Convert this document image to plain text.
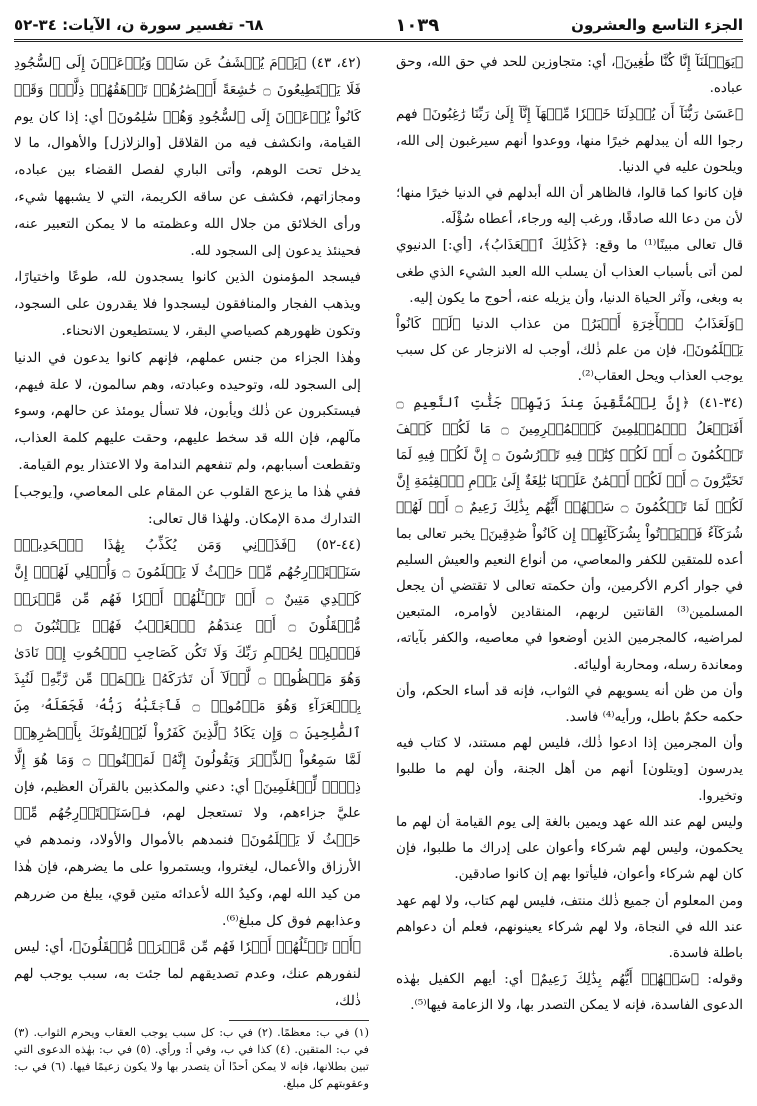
الجزء التاسع والعشرون
١٠٣٩
٦٨- تفسير سورة ن، الآيات: ٣٤-٥٢

﴿يَوَيۡلَنَآ إِنَّا كُنَّا طَٰغِينَ﴾، أي: متجاوزين للحد في حق الله، وحق عباده.

﴿عَسَىٰ رَبُّنَآ أَن يُبۡدِلَنَا خَيۡرٗا مِّنۡهَآ إِنَّآ إِلَىٰ رَبِّنَا رَٰغِبُونَ﴾ فهم رجوا الله أن يبدلهم خيرًا منها، ووعدوا أنهم سيرغبون إلى الله، ويلحون عليه في الدنيا.

فإن كانوا كما قالوا، فالظاهر أن الله أبدلهم في الدنيا خيرًا منها؛ لأن من دعا الله صادقًا، ورغب إليه ورجاء، أعطاه سُؤْلَه.

قال تعالى مبينًا⁽¹⁾ ما وقع: ﴿كَذَٰلِكَ ٱلۡعَذَابُ﴾، [أي:] الدنيوي لمن أتى بأسباب العذاب أن يسلب الله العبد الشيء الذي طغى به وبغى، وآثر الحياة الدنيا، وأن يزيله عنه، أحوج ما يكون إليه.

﴿وَلَعَذَابُ ٱلۡأٓخِرَةِ أَكۡبَرُ﴾ من عذاب الدنيا ﴿لَوۡ كَانُواْ يَعۡلَمُونَ﴾، فإن من علم ذٰلك، أوجب له الانزجار عن كل سبب يوجب العذاب ويحل العقاب⁽²⁾.

(٣٤-٤١) ﴿إِنَّ لِلۡمُتَّقِينَ عِندَ رَبِّهِمۡ جَنَّٰتِ ٱلنَّعِيمِ ۝ أَفَنَجۡعَلُ ٱلۡمُسۡلِمِينَ كَٱلۡمُجۡرِمِينَ ۝ مَا لَكُمۡ كَيۡفَ تَحۡكُمُونَ ۝ أَمۡ لَكُمۡ كِتَٰبٞ فِيهِ تَدۡرُسُونَ ۝ إِنَّ لَكُمۡ فِيهِ لَمَا تَخَيَّرُونَ ۝ أَمۡ لَكُمۡ أَيۡمَٰنٌ عَلَيۡنَا بَٰلِغَةٌ إِلَىٰ يَوۡمِ ٱلۡقِيَٰمَةِ إِنَّ لَكُمۡ لَمَا تَحۡكُمُونَ ۝ سَلۡهُمۡ أَيُّهُم بِذَٰلِكَ زَعِيمٌ ۝ أَمۡ لَهُمۡ شُرَكَآءُ فَلۡيَأۡتُواْ بِشُرَكَآئِهِمۡ إِن كَانُواْ صَٰدِقِينَ﴾ يخبر تعالى بما أعده للمتقين للكفر والمعاصي، من أنواع النعيم والعيش السليم في جوار أكرم الأكرمين، وأن حكمته تعالى لا تقتضي أن يجعل المسلمين⁽³⁾ القانتين لربهم، المنقادين لأوامره، المتبعين لمراضيه، كالمجرمين الذين أوضعوا في معاصيه، والكفر بآياته، ومعاندة رسله، ومحاربة أوليائه.

وأن من ظن أنه يسويهم في الثواب، فإنه قد أساء الحكم، وأن حكمه حكمٌ باطل، ورأيه⁽⁴⁾ فاسد.

وأن المجرمين إذا ادعوا ذٰلك، فليس لهم مستند، لا كتاب فيه يدرسون [ويتلون] أنهم من أهل الجنة، وأن لهم ما طلبوا وتخيروا.

وليس لهم عند الله عهد ويمين بالغة إلى يوم القيامة أن لهم ما يحكمون، وليس لهم شركاء وأعوان على إدراك ما طلبوا، فإن كان لهم شركاء وأعوان، فليأتوا بهم إن كانوا صادقين.

ومن المعلوم أن جميع ذٰلك منتف، فليس لهم كتاب، ولا لهم عهد عند الله في النجاة، ولا لهم شركاء يعينونهم، فعلم أن دعواهم باطلة فاسدة.

وقوله: ﴿سَلۡهُمۡ أَيُّهُم بِذَٰلِكَ زَعِيمٌ﴾ أي: أيهم الكفيل بهٰذه الدعوى الفاسدة، فإنه لا يمكن التصدر بها، ولا الزعامة فيها⁽⁵⁾.

(٤٢، ٤٣) ﴿يَوۡمَ يُكۡشَفُ عَن سَاقٖ وَيُدۡعَوۡنَ إِلَى ٱلسُّجُودِ فَلَا يَسۡتَطِيعُونَ ۝ خَٰشِعَةً أَبۡصَٰرُهُمۡ تَرۡهَقُهُمۡ ذِلَّةٞۖ وَقَدۡ كَانُواْ يُدۡعَوۡنَ إِلَى ٱلسُّجُودِ وَهُمۡ سَٰلِمُونَ﴾ أي: إذا كان يوم القيامة، وانكشف فيه من القلاقل [والزلازل] والأهوال، ما لا يدخل تحت الوهم، وأتى الباري لفصل القضاء بين عباده، ومجازاتهم، فكشف عن ساقه الكريمة، التي لا يشبهها شيء، ورأى الخلائق من جلال الله وعظمته ما لا يمكن التعبير عنه، فحينئذ يدعون إلى السجود لله.

فيسجد المؤمنون الذين كانوا يسجدون لله، طوعًا واختيارًا، ويذهب الفجار والمنافقون ليسجدوا فلا يقدرون على السجود، وتكون ظهورهم كصياصي البقر، لا يستطيعون الانحناء.

وهٰذا الجزاء من جنس عملهم، فإنهم كانوا يدعون في الدنيا إلى السجود لله، وتوحيده وعبادته، وهم سالمون، لا علة فيهم، فيستكبرون عن ذٰلك ويأبون، فلا تسأل يومئذ عن حالهم، وسوء مآلهم، فإن الله قد سخط عليهم، وحقت عليهم كلمة العذاب، وتقطعت أسبابهم، ولم تنفعهم الندامة ولا الاعتذار يوم القيامة.

ففي هٰذا ما يزعج القلوب عن المقام على المعاصي، و[يوجب] التدارك مدة الإمكان. ولهٰذا قال تعالى:

(٤٤-٥٢) ﴿فَذَرۡنِي وَمَن يُكَذِّبُ بِهَٰذَا ٱلۡحَدِيثِۖ سَنَسۡتَدۡرِجُهُم مِّنۡ حَيۡثُ لَا يَعۡلَمُونَ ۝ وَأُمۡلِي لَهُمۡۚ إِنَّ كَيۡدِي مَتِينٌ ۝ أَمۡ تَسۡـَٔلُهُمۡ أَجۡرٗا فَهُم مِّن مَّغۡرَمٖ مُّثۡقَلُونَ ۝ أَمۡ عِندَهُمُ ٱلۡغَيۡبُ فَهُمۡ يَكۡتُبُونَ ۝ فَٱصۡبِرۡ لِحُكۡمِ رَبِّكَ وَلَا تَكُن كَصَاحِبِ ٱلۡحُوتِ إِذۡ نَادَىٰ وَهُوَ مَكۡظُومٞ ۝ لَّوۡلَآ أَن تَدَٰرَكَهُۥ نِعۡمَةٞ مِّن رَّبِّهِۦ لَنُبِذَ بِٱلۡعَرَآءِ وَهُوَ مَذۡمُومٞ ۝ فَٱجۡتَبَٰهُ رَبُّهُۥ فَجَعَلَهُۥ مِنَ ٱلصَّٰلِحِينَ ۝ وَإِن يَكَادُ ٱلَّذِينَ كَفَرُواْ لَيُزۡلِقُونَكَ بِأَبۡصَٰرِهِمۡ لَمَّا سَمِعُواْ ٱلذِّكۡرَ وَيَقُولُونَ إِنَّهُۥ لَمَجۡنُونٞ ۝ وَمَا هُوَ إِلَّا ذِكۡرٞ لِّلۡعَٰلَمِينَ﴾ أي: دعني والمكذبين بالقرآن العظيم، فإن عليَّ جزاءهم، ولا تستعجل لهم، فـ﴿سَنَسۡتَدۡرِجُهُم مِّنۡ حَيۡثُ لَا يَعۡلَمُونَ﴾ فنمدهم بالأموال والأولاد، ونمدهم في الأرزاق والأعمال، ليغتروا، ويستمروا على ما يضرهم، فإن هٰذا من كيد الله لهم، وكيدُ الله لأعدائه متين قوي، يبلغ من ضررهم وعذابهم فوق كل مبلغ⁽⁶⁾.

﴿أَمۡ تَسۡـَٔلُهُمۡ أَجۡرٗا فَهُم مِّن مَّغۡرَمٖ مُّثۡقَلُونَ﴾، أي: ليس لنفورهم عنك، وعدم تصديقهم لما جئت به، سبب يوجب لهم ذٰلك،

(١) في ب: معظمًا. (٢) في ب: كل سبب يوجب العقاب ويحرم الثواب. (٣) في ب: المتقين. (٤) كذا في ب، وفي أ: ورأي. (٥) في ب: بهٰذه الدعوى التي تبين بطلانها، فإنه لا يمكن أحدًا أن يتصدر بها ولا يكون زعيمًا فيها. (٦) في ب: وعقوبتهم كل مبلغ.
